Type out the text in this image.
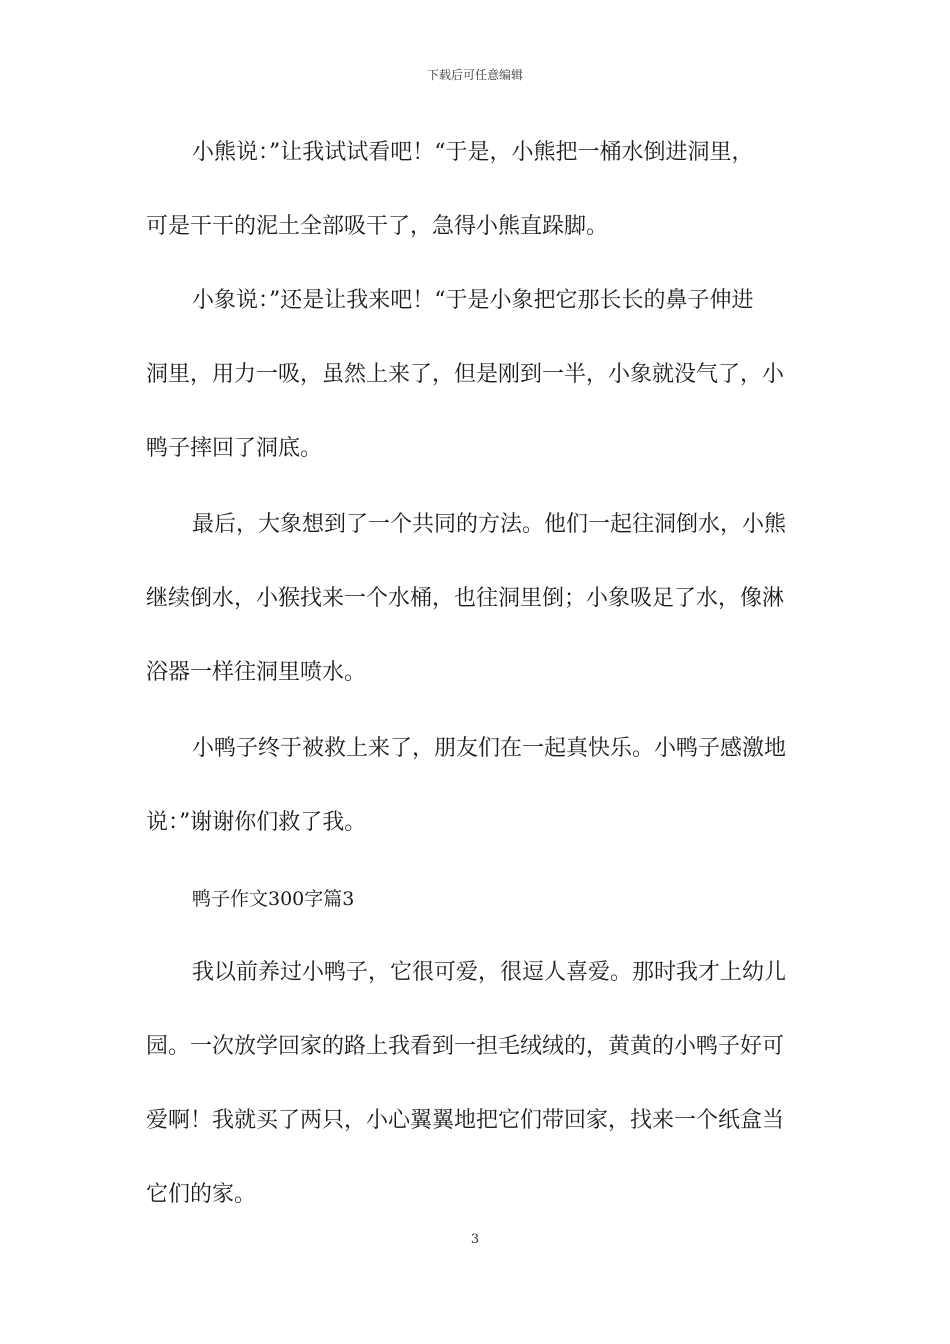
下载后可任意编辑
小熊说：”让我试试看吧！“于是，小熊把一桶水倒进洞里，
可是干干的泥土全部吸干了，急得小熊直跺脚。
小象说：”还是让我来吧！“于是小象把它那长长的鼻子伸进
洞里，用力一吸，虽然上来了，但是刚到一半，小象就没气了，小
鸭子摔回了洞底。
最后，大象想到了一个共同的方法。他们一起往洞倒水，小熊
继续倒水，小猴找来一个水桶，也往洞里倒；小象吸足了水，像淋
浴器一样往洞里喷水。
小鸭子终于被救上来了，朋友们在一起真快乐。小鸭子感激地
说：”谢谢你们救了我。
鸭子作文300字篇3
我以前养过小鸭子，它很可爱，很逗人喜爱。那时我才上幼儿
园。一次放学回家的路上我看到一担毛绒绒的，黄黄的小鸭子好可
爱啊！我就买了两只，小心翼翼地把它们带回家，找来一个纸盒当
它们的家。
3
